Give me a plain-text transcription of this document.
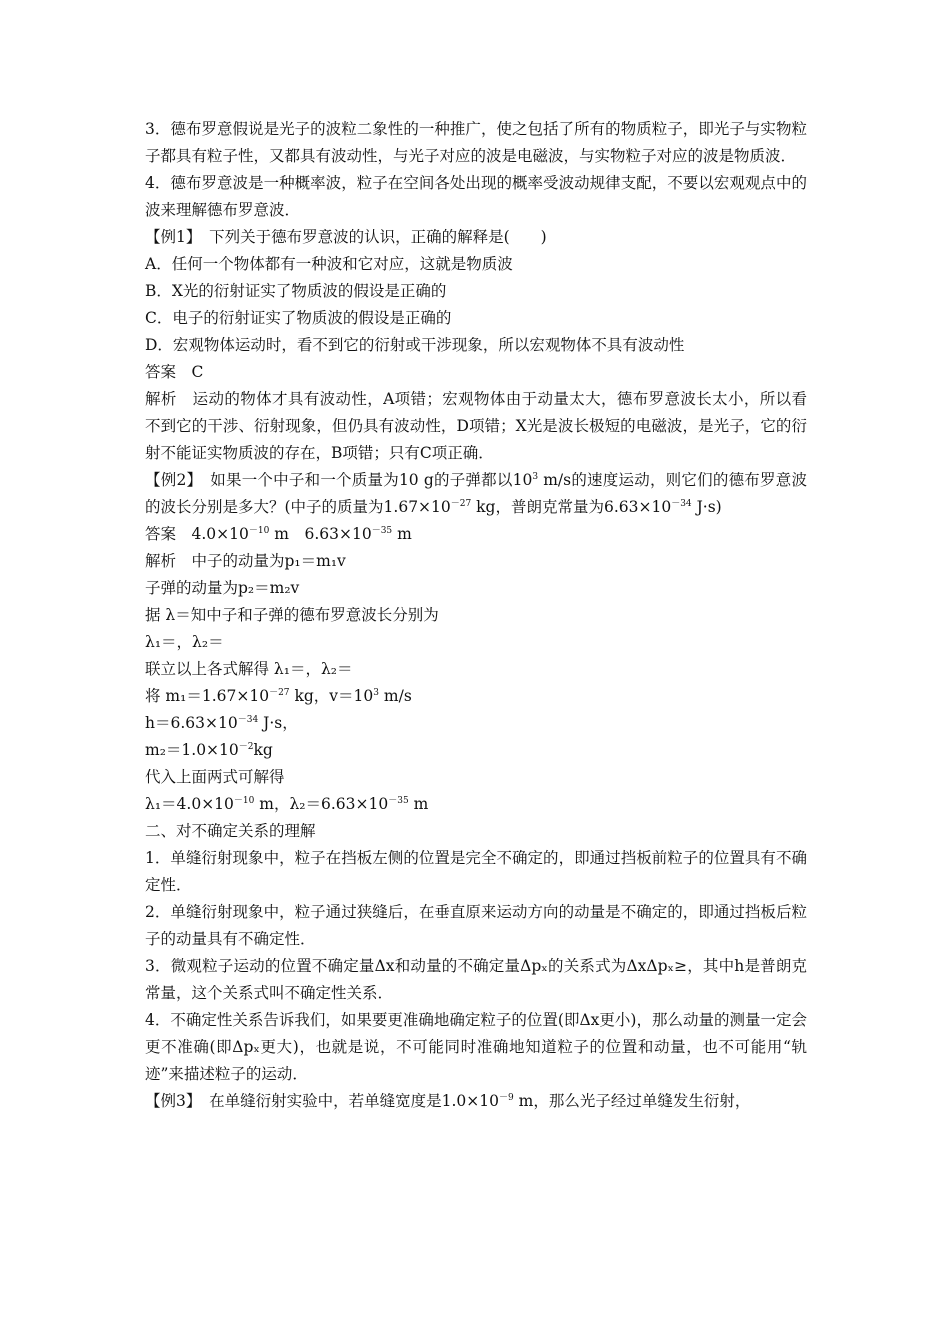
3．德布罗意假说是光子的波粒二象性的一种推广，使之包括了所有的物质粒子，即光子与实物粒子都具有粒子性，又都具有波动性，与光子对应的波是电磁波，与实物粒子对应的波是物质波．

4．德布罗意波是一种概率波，粒子在空间各处出现的概率受波动规律支配，不要以宏观观点中的波来理解德布罗意波．

【例1】　下列关于德布罗意波的认识，正确的解释是(　　)

A．任何一个物体都有一种波和它对应，这就是物质波

B．X光的衍射证实了物质波的假设是正确的

C．电子的衍射证实了物质波的假设是正确的

D．宏观物体运动时，看不到它的衍射或干涉现象，所以宏观物体不具有波动性

答案　C

解析　运动的物体才具有波动性，A项错；宏观物体由于动量太大，德布罗意波长太小，所以看不到它的干涉、衍射现象，但仍具有波动性，D项错；X光是波长极短的电磁波，是光子，它的衍射不能证实物质波的存在，B项错；只有C项正确．

【例2】　如果一个中子和一个质量为10 g的子弹都以$10^3$ m/s的速度运动，则它们的德布罗意波的波长分别是多大？(中子的质量为$1.67\times 10^{-27}$ kg，普朗克常量为$6.63\times 10^{-34}$ J·s)

答案　$4.0\times 10^{-10}$ m　$6.63\times 10^{-35}$ m

解析　中子的动量为p₁＝m₁v

子弹的动量为p₂＝m₂v

据 λ＝知中子和子弹的德布罗意波长分别为

λ₁＝，λ₂＝

联立以上各式解得 λ₁＝，λ₂＝

将 $m_1=1.67\times 10^{-27}$ kg，$v=10^3$ m/s

$h=6.63\times 10^{-34}$ J·s，

$m_2=1.0\times 10^{-2}kg$

代入上面两式可解得

$\lambda_1=4.0\times 10^{-10}$ m，$\lambda_2=6.63\times 10^{-35}$ m

二、对不确定关系的理解

1．单缝衍射现象中，粒子在挡板左侧的位置是完全不确定的，即通过挡板前粒子的位置具有不确定性．

2．单缝衍射现象中，粒子通过狭缝后，在垂直原来运动方向的动量是不确定的，即通过挡板后粒子的动量具有不确定性．

3．微观粒子运动的位置不确定量Δx和动量的不确定量Δpₓ的关系式为ΔxΔpₓ≥，其中h是普朗克常量，这个关系式叫不确定性关系．

4．不确定性关系告诉我们，如果要更准确地确定粒子的位置(即Δx更小)，那么动量的测量一定会更不准确(即Δpₓ更大)，也就是说，不可能同时准确地知道粒子的位置和动量，也不可能用“轨迹”来描述粒子的运动．

【例3】　在单缝衍射实验中，若单缝宽度是$1.0\times 10^{-9}$ m，那么光子经过单缝发生衍射，
